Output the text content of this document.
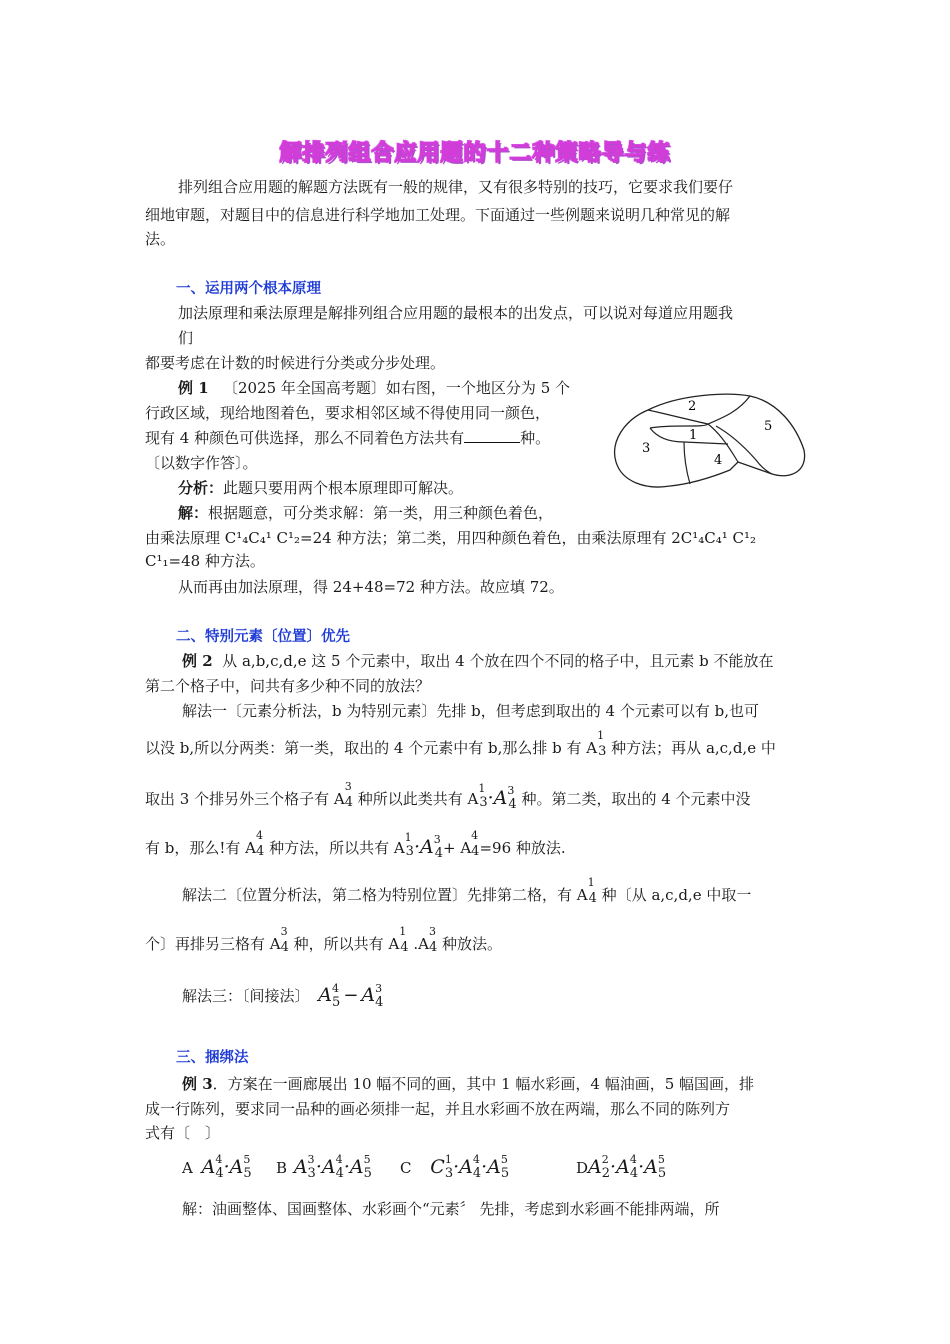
解排列组合应用题的十二种策略导与练
排列组合应用题的解题方法既有一般的规律，又有很多特别的技巧，它要求我们要仔
细地审题，对题目中的信息进行科学地加工处理。下面通过一些例题来说明几种常见的解
法。
一、运用两个根本原理
加法原理和乘法原理是解排列组合应用题的最根本的出发点，可以说对每道应用题我
们
都要考虑在计数的时候进行分类或分步处理。
例 1 〔2025 年全国高考题〕如右图，一个地区分为 5 个
行政区域，现给地图着色，要求相邻区域不得使用同一颜色，
现有 4 种颜色可供选择，那么不同着色方法共有	种。
〔以数字作答〕。
2
1
5
3
4
分析：此题只要用两个根本原理即可解决。
解：根据题意，可分类求解：第一类，用三种颜色着色，
由乘法原理 C¹₄C₄¹ C¹₂=24 种方法；第二类，用四种颜色着色，由乘法原理有 2C¹₄C₄¹ C¹₂
C¹₁=48 种方法。
从而再由加法原理，得 24+48=72 种方法。故应填 72。
二、特别元素〔位置〕优先
例 2 从 a,b,c,d,e 这 5 个元素中，取出 4 个放在四个不同的格子中，且元素 b 不能放在
第二个格子中，问共有多少种不同的放法？
解法一〔元素分析法，b 为特别元素〕先排 b，但考虑到取出的 4 个元素可以有 b,也可
以没 b,所以分两类：第一类，取出的 4 个元素中有 b,那么排 b 有 $A^13$ 种方法；再从 a,c,d,e 中
取出 3 个排另外三个格子有 $A^34$ 种所以此类共有 $A^13\cdot A^34$ 种。第二类，取出的 4 个元素中没
有 b，那么!有 $A^44$ 种方法，所以共有 $A^13\cdot A^34+ A^44=96$ 种放法.
解法二〔位置分析法，第二格为特别位置〕先排第二格，有 $A^14$ 种〔从 a,c,d,e 中取一
个〕再排另三格有 $A^34$ 种，所以共有 $A^14$ $.A^34$ 种放法。
解法三：〔间接法〕 $A^45 - A^34$
三、捆绑法
例 3．方案在一画廊展出 10 幅不同的画，其中 1 幅水彩画，4 幅油画，5 幅国画，排
成一行陈列，要求同一品种的画必须排一起，并且水彩画不放在两端，那么不同的陈列方
式有〔　〕
A $A^44\cdot A^55$ B $A^33\cdot A^44\cdot A^55$ C $C^13\cdot A^44\cdot A^55$	$DA^22\cdot A^44\cdot A^55$
解：油画整体、国画整体、水彩画个“元素〞 先排，考虑到水彩画不能排两端，所
